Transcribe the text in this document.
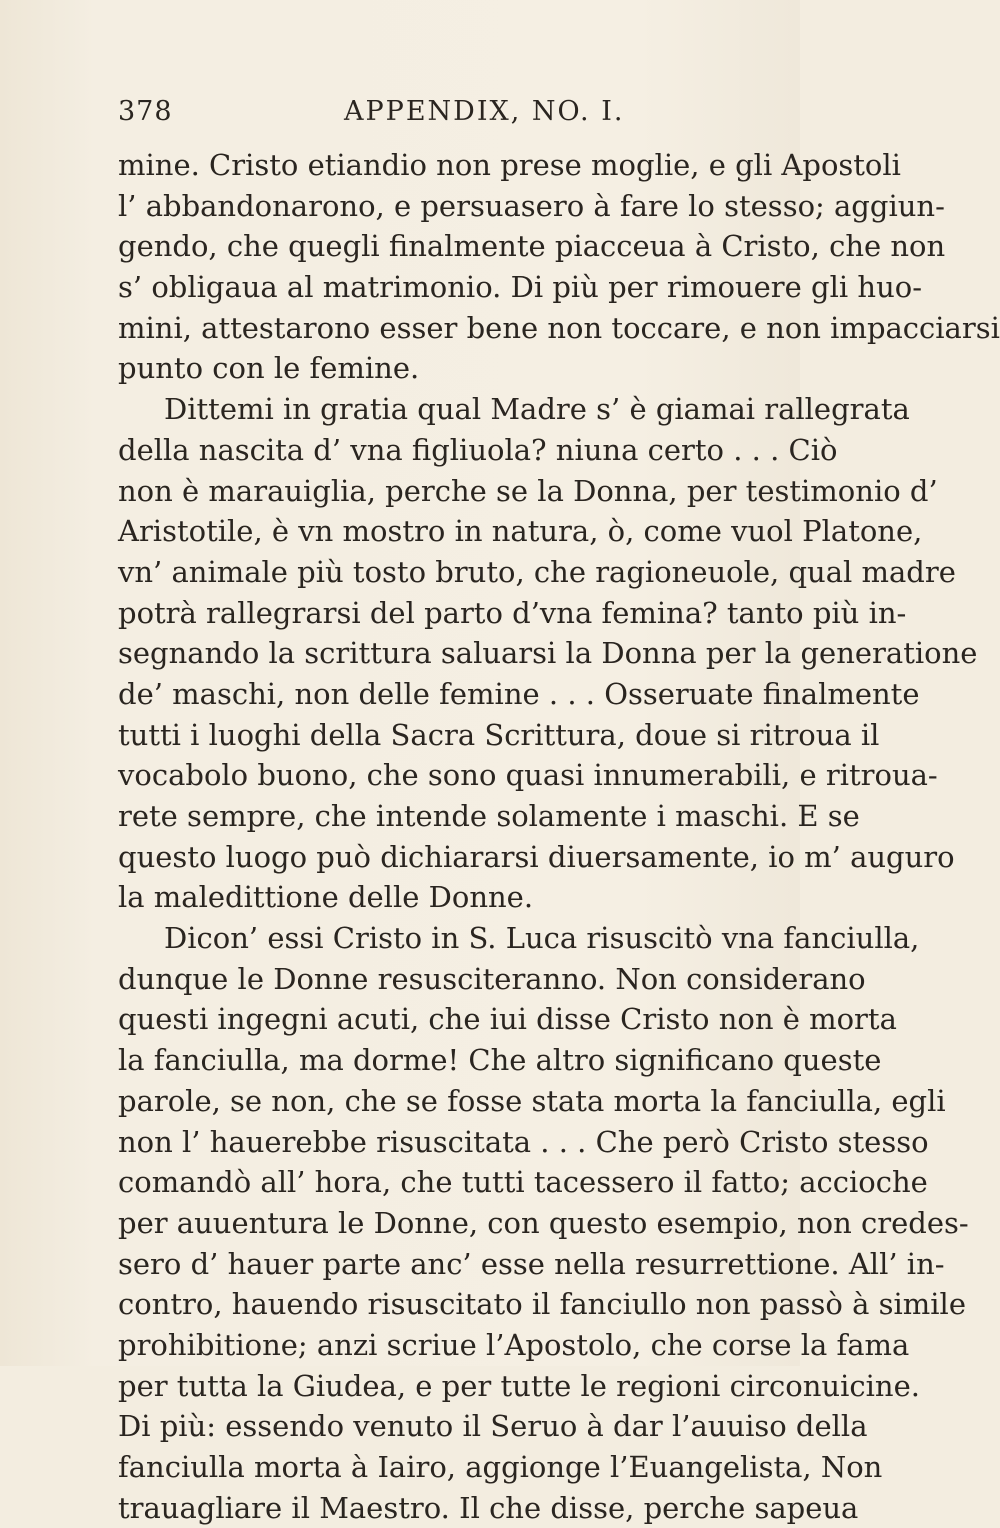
378	APPENDIX, NO. I.
mine. Cristo etiandio non prese moglie, e gli Apostoli
l’ abbandonarono, e persuasero à fare lo stesso; aggiun-
gendo, che quegli finalmente piacceua à Cristo, che non
s’ obligaua al matrimonio. Di più per rimouere gli huo-
mini, attestarono esser bene non toccare, e non impacciarsi
punto con le femine.
Dittemi in gratia qual Madre s’ è giamai rallegrata
della nascita d’ vna figliuola? niuna certo . . . Ciò
non è marauiglia, perche se la Donna, per testimonio d’
Aristotile, è vn mostro in natura, ò, come vuol Platone,
vn’ animale più tosto bruto, che ragioneuole, qual madre
potrà rallegrarsi del parto d’vna femina? tanto più in-
segnando la scrittura saluarsi la Donna per la generatione
de’ maschi, non delle femine . . . Osseruate finalmente
tutti i luoghi della Sacra Scrittura, doue si ritroua il
vocabolo buono, che sono quasi innumerabili, e ritroua-
rete sempre, che intende solamente i maschi. E se
questo luogo può dichiararsi diuersamente, io m’ auguro
la maledittione delle Donne.
Dicon’ essi Cristo in S. Luca risuscitò vna fanciulla,
dunque le Donne resusciteranno. Non considerano
questi ingegni acuti, che iui disse Cristo non è morta
la fanciulla, ma dorme! Che altro significano queste
parole, se non, che se fosse stata morta la fanciulla, egli
non l’ hauerebbe risuscitata . . . Che però Cristo stesso
comandò all’ hora, che tutti tacessero il fatto; accioche
per auuentura le Donne, con questo esempio, non credes-
sero d’ hauer parte anc’ esse nella resurrettione. All’ in-
contro, hauendo risuscitato il fanciullo non passò à simile
prohibitione; anzi scriue l’Apostolo, che corse la fama
per tutta la Giudea, e per tutte le regioni circonuicine.
Di più: essendo venuto il Seruo à dar l’auuiso della
fanciulla morta à Iairo, aggionge l’Euangelista, Non
trauagliare il Maestro. Il che disse, perche sapeua
